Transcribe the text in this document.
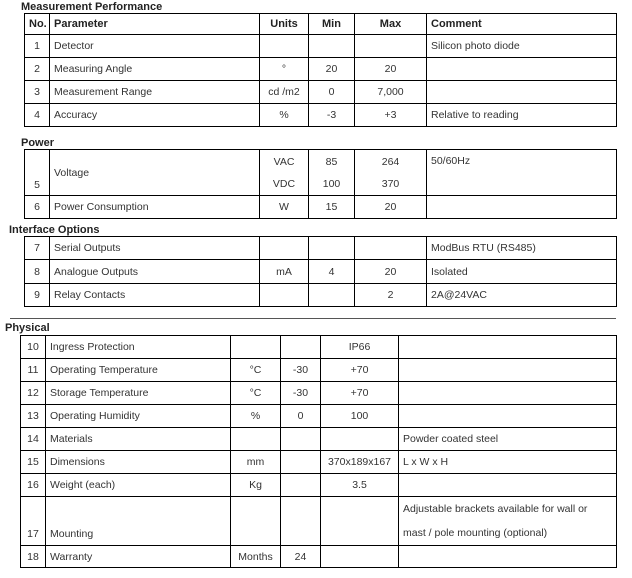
Measurement Performance
No.	Parameter	Units	Min	Max	Comment
1	Detector				Silicon photo diode
2	Measuring Angle	°	20	20	
3	Measurement Range	cd /m2	0	7,000	
4	Accuracy	%	-3	+3	Relative to reading
Power
5	Voltage	VAC	85	264	50/60Hz
		VDC	100	370	
6	Power Consumption	W	15	20	
Interface Options
7	Serial Outputs				ModBus RTU (RS485)
8	Analogue Outputs	mA	4	20	Isolated
9	Relay Contacts			2	2A@24VAC
Physical
10	Ingress Protection			IP66	
11	Operating Temperature	°C	-30	+70	
12	Storage Temperature	°C	-30	+70	
13	Operating Humidity	%	0	100	
14	Materials				Powder coated steel
15	Dimensions	mm		370x189x167	L x W x H
16	Weight (each)	Kg		3.5	
17	Mounting				Adjustable brackets available for wall or
mast / pole mounting (optional)

18	Warranty	Months	24		
